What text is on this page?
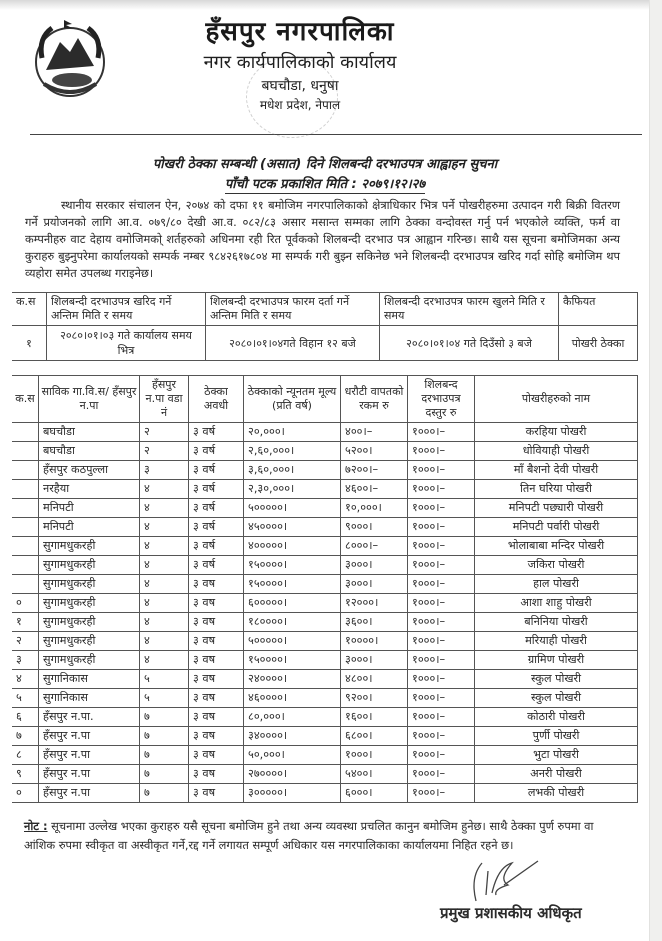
हँसपुर नगरपालिका
नगर कार्यपालिकाको कार्यालय
बघचौडा, धनुषा
मधेश प्रदेश, नेपाल
पोखरी ठेक्का सम्बन्धी (असात) दिने शिलबन्दी दरभाउपत्र आह्वाहन सुचना
पाँचौ पटक प्रकाशित मिति : २०७९।१२।२७
स्थानीय सरकार संचालन ऐन, २०७४ को दफा ११ बमोजिम नगरपालिकाको क्षेत्राधिकार भित्र पर्ने पोखरीहरुमा उत्पादन गरी बिक्री वितरण गर्ने प्रयोजनको लागि आ.व. ०७९/८० देखी आ.व. ०८२/८३ असार मसान्त सम्मका लागि ठेक्का वन्दोवस्त गर्नु पर्न भएकोले व्यक्ति, फर्म वा कम्पनीहरु वाट देहाय वमोजिमको् शर्तहरुको अधिनमा रही रित पूर्वकको शिलबन्दी दरभाउ पत्र आह्वान गरिन्छ। साथै यस सूचना बमोजिमका अन्य कुराहरु बुझ्नुपरेमा कार्यालयको सम्पर्क नम्बर ९८४२६१७८०४ मा सम्पर्क गरी बुझ्न सकिनेछ भने शिलबन्दी दरभाउपत्र खरिद गर्दा सोहि बमोजिम थप व्यहोरा समेत उपलब्ध गराइनेछ।
क.स	शिलबन्दी दरभाउपत्र खरिद गर्ने अन्तिम मिति र समय	शिलबन्दी दरभाउपत्र फारम दर्ता गर्ने अन्तिम मिति र समय	शिलबन्दी दरभाउपत्र फारम खुलने मिति र समय	कैफियत
१	२०८०।०१।०३ गते कार्यालय समय भित्र	२०८०।०१।०४गते विहान १२ बजे	२०८०।०१।०४ गते दिउँसो ३ बजे	पोखरी ठेक्का
क.स	साविक गा.वि.स/ हँसपुर न.पा	हँसपुर न.पा वडा नं	ठेक्का अवधी	ठेक्काको न्यूनतम मूल्य (प्रति वर्ष)	धरौटी वापतको रकम रु	शिलबन्द दरभाउपत्र दस्तुर रु	पोखरीहरुको नाम
	बघचौडा	२	३ वर्ष	२०,०००।	४००।–	१०००।–	करहिया पोखरी
	बघचौडा	२	३ वर्ष	२,६०,०००।	५२००।	१०००।–	धोवियाही पोखरी
	हँसपुर कठपुल्ला	३	३ वर्ष	३,६०,०००।	७२००।–	१०००।–	माँ बैशनो देवी पोखरी
	नरहैया	४	३ वर्ष	२,३०,०००।	४६००।–	१०००।–	तिन घरिया पोखरी
	मनिपटी	४	३ वर्ष	५०००००।	१०,०००।	१०००।–	मनिपटी पछ्यारी पोखरी
	मनिपटी	४	३ वर्ष	४५००००।	९०००।	१०००।–	मनिपटी पर्वारी पोखरी
	सुगामधुकरही	४	३ वर्ष	४०००००।	८०००।–	१०००।–	भोलाबाबा मन्दिर पोखरी
	सुगामधुकरही	४	३ वर्ष	१५००००।	३०००।	१०००।–	जकिरा पोखरी
	सुगामधुकरही	४	३ वष	१५००००।	३०००।	१०००।–	हाल पोखरी
०	सुगामधुकरही	४	३ वष	६०००००।	१२०००।	१०००।–	आशा शाहु पोखरी
१	सुगामधुकरही	४	३ वष	१८००००।	३६००।	१०००।–	बनिनिया पोखरी
२	सुगामधुकरही	४	३ वष	५०००००।	१००००।	१०००।–	मरियाही पोखरी
३	सुगामधुकरही	४	३ वष	१५००००।	३०००।	१०००।–	ग्रामिण पोखरी
४	सुगानिकास	५	३ वष	२४००००।	४८००।	१०००।–	स्कुल पोखरी
५	सुगानिकास	५	३ वष	४६००००।	९२००।	१०००।–	स्कुल पोखरी
६	हँसपुर न.पा.	७	३ वष	८०,०००।	१६००।	१०००।–	कोठारी पोखरी
७	हँसपुर न.पा	७	३ वष	३४००००।	६८००।	१०००।–	पुर्णी पोखरी
८	हँसपुर न.पा	७	३ वष	५०,०००।	१०००।	१०००।–	भुटा पोखरी
९	हँसपुर न.पा	७	३ वष	२७००००।	५४००।	१०००।–	अनरी पोखरी
०	हँसपुर न.पा	७	३ वष	३०००००।	६०००।	१०००।–	लभकी पोखरी
नोट : सूचनामा उल्लेख भएका कुराहरु यसै सूचना बमोजिम हुने तथा अन्य व्यवस्था प्रचलित कानुन बमोजिम हुनेछ। साथै ठेक्का पुर्ण रुपमा वा आंशिक रुपमा स्वीकृत वा अस्वीकृत गर्ने,रद्द गर्ने लगायत सम्पूर्ण अधिकार यस नगरपालिकाका कार्यालयमा निहित रहने छ।
प्रमुख प्रशासकीय अधिकृत
